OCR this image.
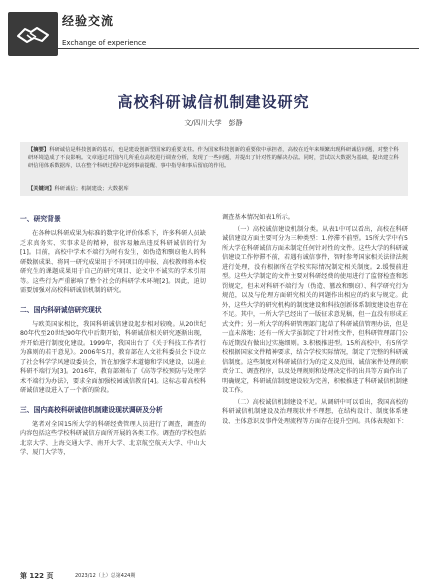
经验交流
Exchange of experience
高校科研诚信机制建设研究
文/四川大学　彭静

【摘要】科研诚信是科技创新的基石，也是建设创新型国家的重要支柱。作为国家科技创新的重要依中承担者，高校在近年来频繁出现科研诚信问题，对整个科研环境造成了不良影响。文章通过对国内几所重点高校进行调查分析，发现了一些问题，并提出了针对性的解决办法。同时，尝试以大数据为基础，提出建立科研信用体系数据库，以在整个科研过程中起到事前提醒、事中指导和事后留底的作用。

【关键词】科研诚信；机制建设；大数据库
一、研究背景

在各种以科研成果为标准的数字化评价体系下，许多科研人员缺乏求真务实、实事求是的精神，很容易触出违反科研诚信的行为[1]。目前，高校中学术不端行为时有发生，如伪造和剽窃他人的科研数据成果、将同一研究成果用于不同项目的申报、高校教师将本校研究生的课题成果用于自己的研究项目、论文中不诚实的学术引用等。这些行为严重影响了整个社会的科研学术环境[2]。因此，迫切需要加强对高校科研诚信机制的研究。

二、国内科研诚信研究现状

与欧美国家相比，我国科研诚信建设起步相对较晚。从20世纪80年代至20世纪90年代中后期开始，科研诚信相关研究逐渐出现，并开始进行制度化建设。1999年，我国出台了《关于科技工作者行为准则的若干意见》。2006年5月，教育部在人文社科委员会下设立了社会科学学风建设委员会，旨在加强学术道德和学风建设，以遏止科研不端行为[3]。2016年，教育部颁布了《高等学校预防与处理学术不端行为办法》，要求全面加强校园诚信教育[4]。这标志着高校科研诚信建设进入了一个新的阶段。

三、国内高校科研诚信机制建设现状调研及分析

笔者对全国15所大学的科研经费管理人员进行了调查，调查的内容包括这些学校科研诚信方面所开展的各类工作。调查的学校包括北京大学、上海交通大学、南开大学、北京航空航天大学、中山大学、厦门大学等，

调查基本情况如表1所示。

（一）高校诚信建设机制分类。从表1中可以看出，高校在科研诚信建设方面主要可分为三种类型：1.停滞不前型。15所大学中有5所大学在科研诚信方面未制定任何针对性的文件。这些大学的科研诚信建设工作停滞不前，若遇有诚信事件，智时参考国家相关法律法规进行处理，没有根据所在学校实际情况制定相关制度。2.缓慢前进型。这些大学制定的文件主要对科研经费的使用进行了监督检查和惩罚规定，但未对科研不端行为（伪造、篡改和剽窃）、科学研究行为规范，以及与伦理方面研究相关的问题作出相应的约束与规定。此外，这些大学的研究机构的制度建设和科技创新体系制度建设也存在不足。其中，一所大学已经出了一版征求意见稿，但一直没有形成正式文件；另一所大学的科研管理部门起草了科研诚信管理办法，但是一直未落地；还有一所大学虽制定了针对性文件，但科研管理部门公布近期没有做出过实施细则。3.积极推进型。15所高校中，有5所学校根据国家文件精神要求，结合学校实际情况，制定了完整的科研诚信制度。这些制度对科研诚信行为的定义及范围、诚信案件处理的职责分工、调查程序，以及处理规则和处理决定作的出具等方面作出了明确规定，科研诚信制度建设较为完善，积极推进了科研诚信机制建设工作。

（二）高校诚信机制建设不足。从调研中可以看出，我国高校的科研诚信机制建设及治理现状并不理想，在结构设计、制度体系建设、主体意识及事件处理流程等方面存在提升空间。具体表现如下：

第 122 页	2023/12（上）总第424期
